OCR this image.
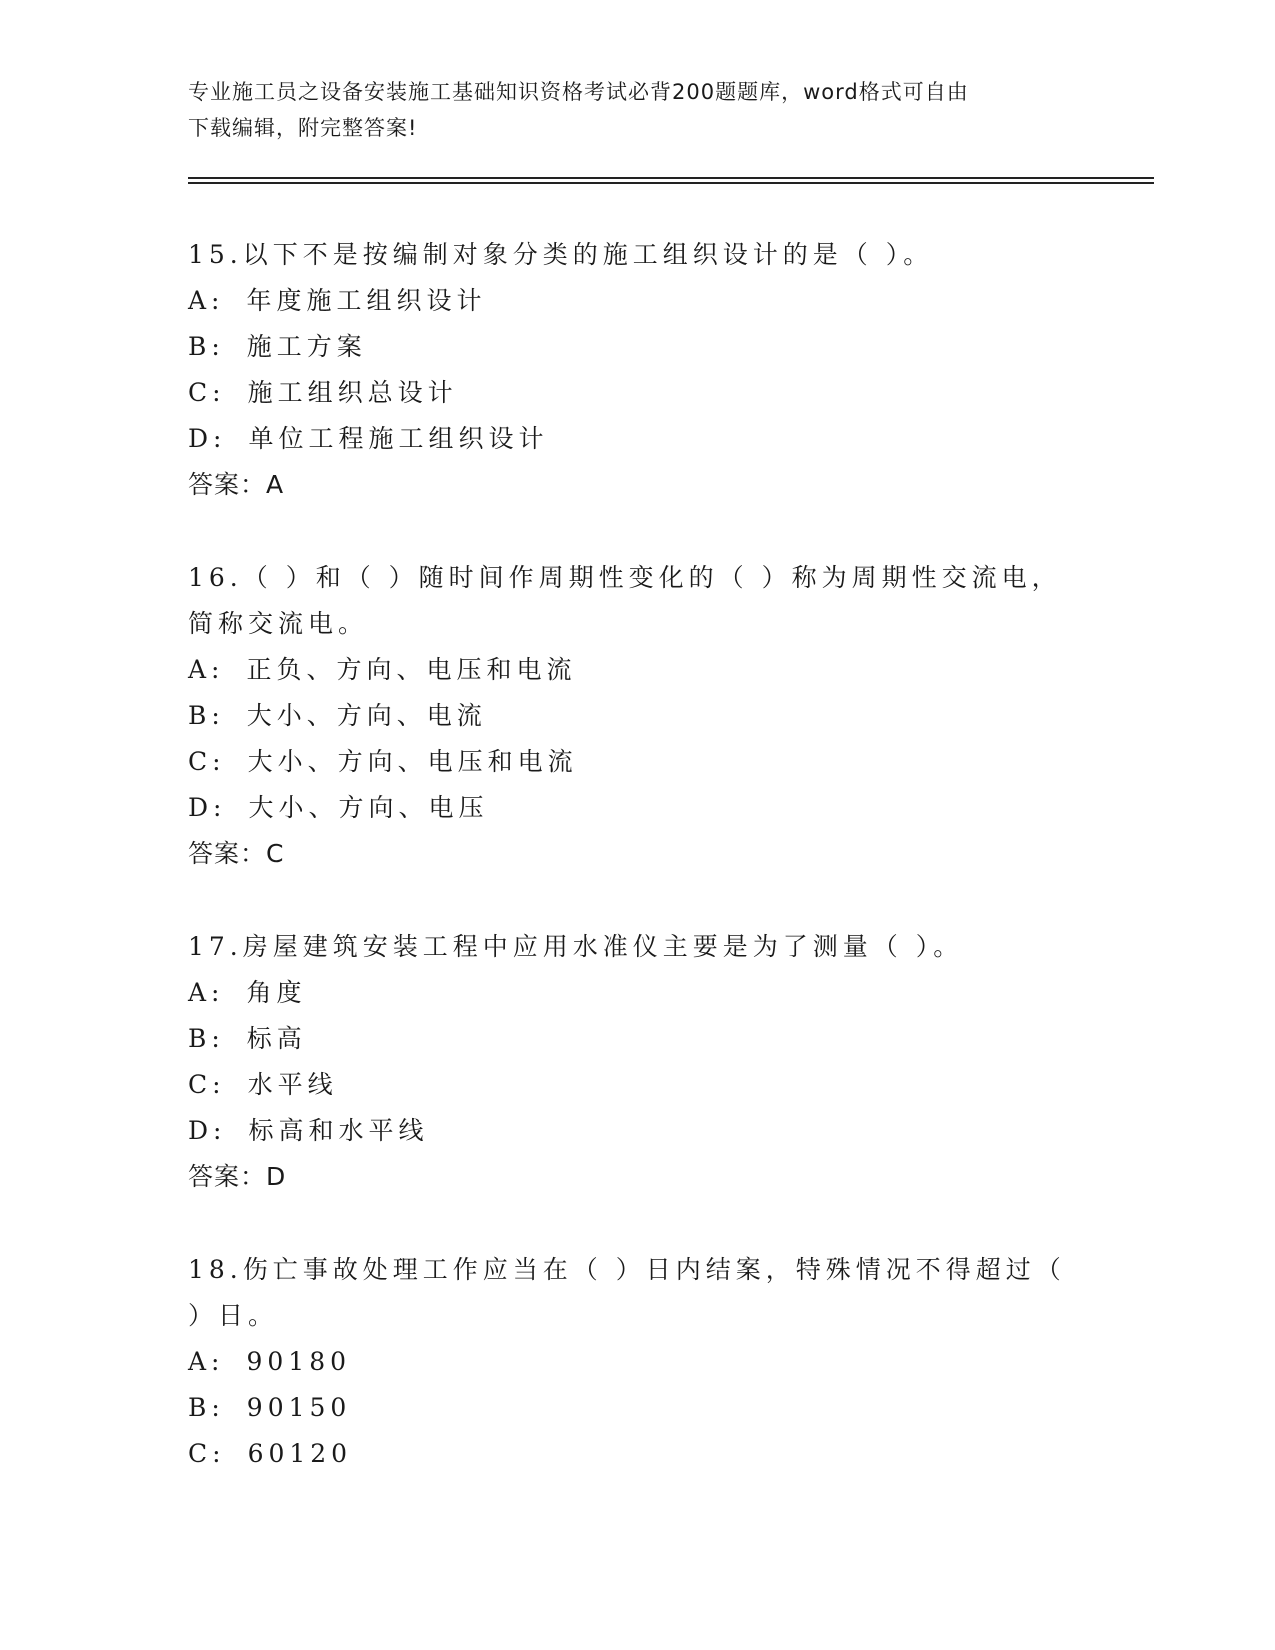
专业施工员之设备安装施工基础知识资格考试必背200题题库，word格式可自由
下载编辑，附完整答案!
15.以下不是按编制对象分类的施工组织设计的是（ ）。
A: 年度施工组织设计
B: 施工方案
C: 施工组织总设计
D: 单位工程施工组织设计
答案：A
16.（ ）和（ ）随时间作周期性变化的（ ）称为周期性交流电，简称交流电。
A: 正负、方向、电压和电流
B: 大小、方向、电流
C: 大小、方向、电压和电流
D: 大小、方向、电压
答案：C
17.房屋建筑安装工程中应用水准仪主要是为了测量（ ）。
A: 角度
B: 标高
C: 水平线
D: 标高和水平线
答案：D
18.伤亡事故处理工作应当在（ ）日内结案，特殊情况不得超过（ ）日。
A: 90180
B: 90150
C: 60120
